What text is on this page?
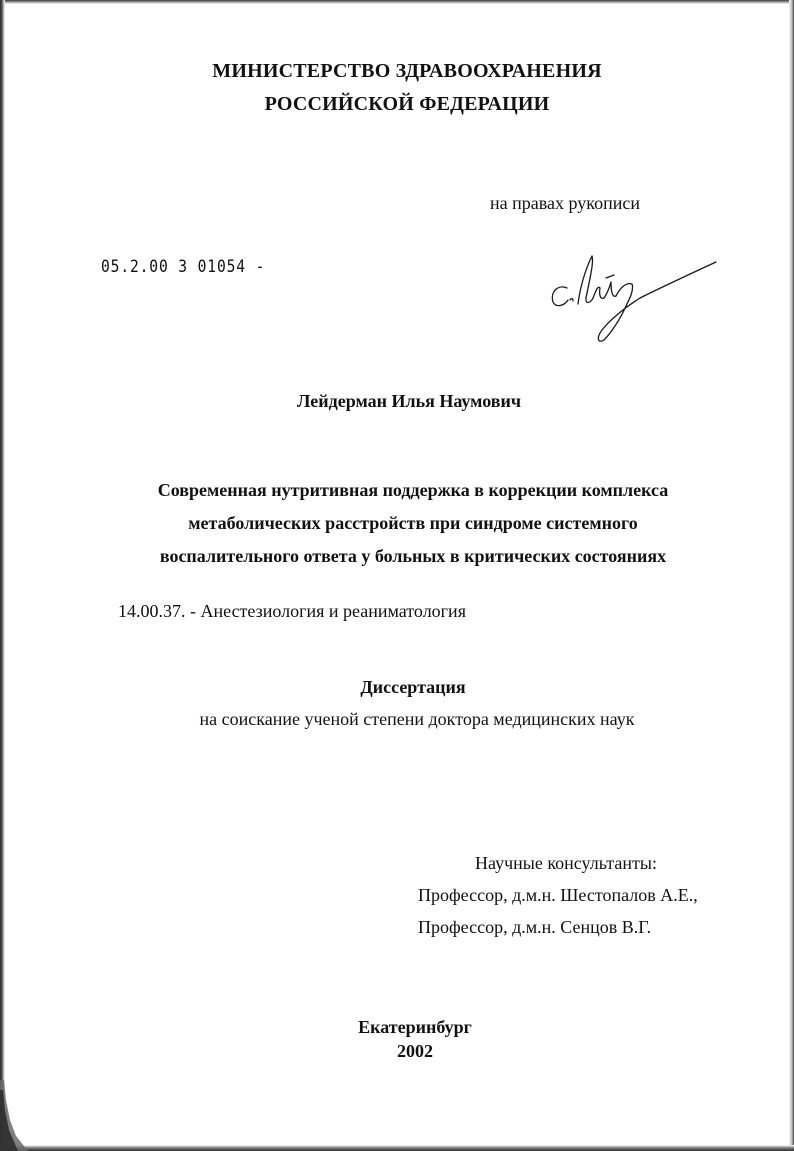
МИНИСТЕРСТВО ЗДРАВООХРАНЕНИЯ
РОССИЙСКОЙ ФЕДЕРАЦИИ
на правах рукописи
05.2.00 3 01054 -
Лейдерман Илья Наумович
Современная нутритивная поддержка в коррекции комплекса
метаболических расстройств при синдроме системного
воспалительного ответа у больных в критических состояниях
14.00.37. - Анестезиология и реаниматология
Диссертация
на соискание ученой степени доктора медицинских наук
Научные консультанты:
Профессор, д.м.н. Шестопалов А.Е.,
Профессор, д.м.н. Сенцов В.Г.
Екатеринбург
2002
